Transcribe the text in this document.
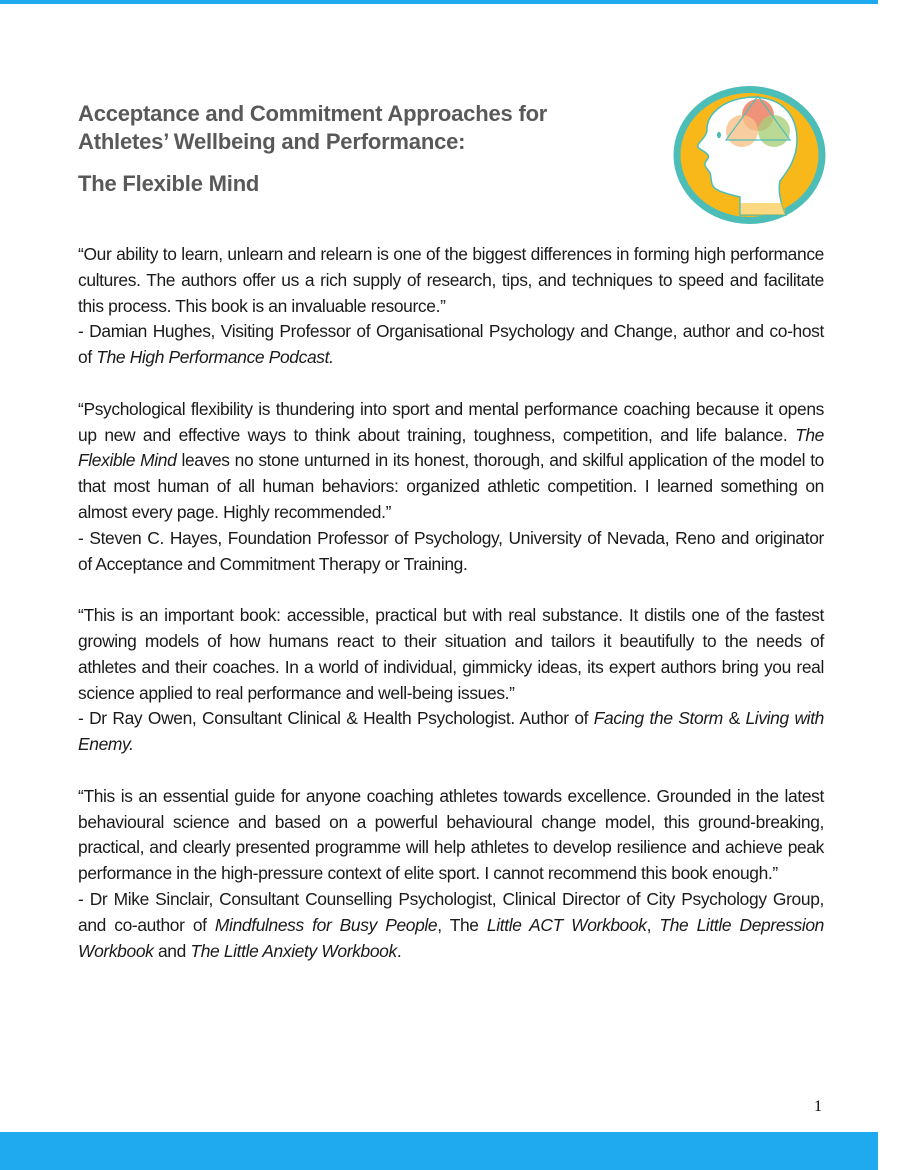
Acceptance and Commitment Approaches for
Athletes’ Wellbeing and Performance:
The Flexible Mind

“Our ability to learn, unlearn and relearn is one of the biggest differences in forming high performance cultures. The authors offer us a rich supply of research, tips, and techniques to speed and facilitate this process. This book is an invaluable resource.”

- Damian Hughes, Visiting Professor of Organisational Psychology and Change, author and co-host of The High Performance Podcast.

“Psychological flexibility is thundering into sport and mental performance coaching because it opens up new and effective ways to think about training, toughness, competition, and life balance. The Flexible Mind leaves no stone unturned in its honest, thorough, and skilful application of the model to that most human of all human behaviors: organized athletic competition. I learned something on almost every page. Highly recommended.”

- Steven C. Hayes, Foundation Professor of Psychology, University of Nevada, Reno and originator of Acceptance and Commitment Therapy or Training.

“This is an important book: accessible, practical but with real substance. It distils one of the fastest growing models of how humans react to their situation and tailors it beautifully to the needs of athletes and their coaches. In a world of individual, gimmicky ideas, its expert authors bring you real science applied to real performance and well-being issues.”

- Dr Ray Owen, Consultant Clinical & Health Psychologist. Author of Facing the Storm & Living with Enemy.

“This is an essential guide for anyone coaching athletes towards excellence. Grounded in the latest behavioural science and based on a powerful behavioural change model, this ground-breaking, practical, and clearly presented programme will help athletes to develop resilience and achieve peak performance in the high-pressure context of elite sport. I cannot recommend this book enough.”

- Dr Mike Sinclair, Consultant Counselling Psychologist, Clinical Director of City Psychology Group, and co-author of Mindfulness for Busy People, The Little ACT Workbook, The Little Depression Workbook and The Little Anxiety Workbook.

1
